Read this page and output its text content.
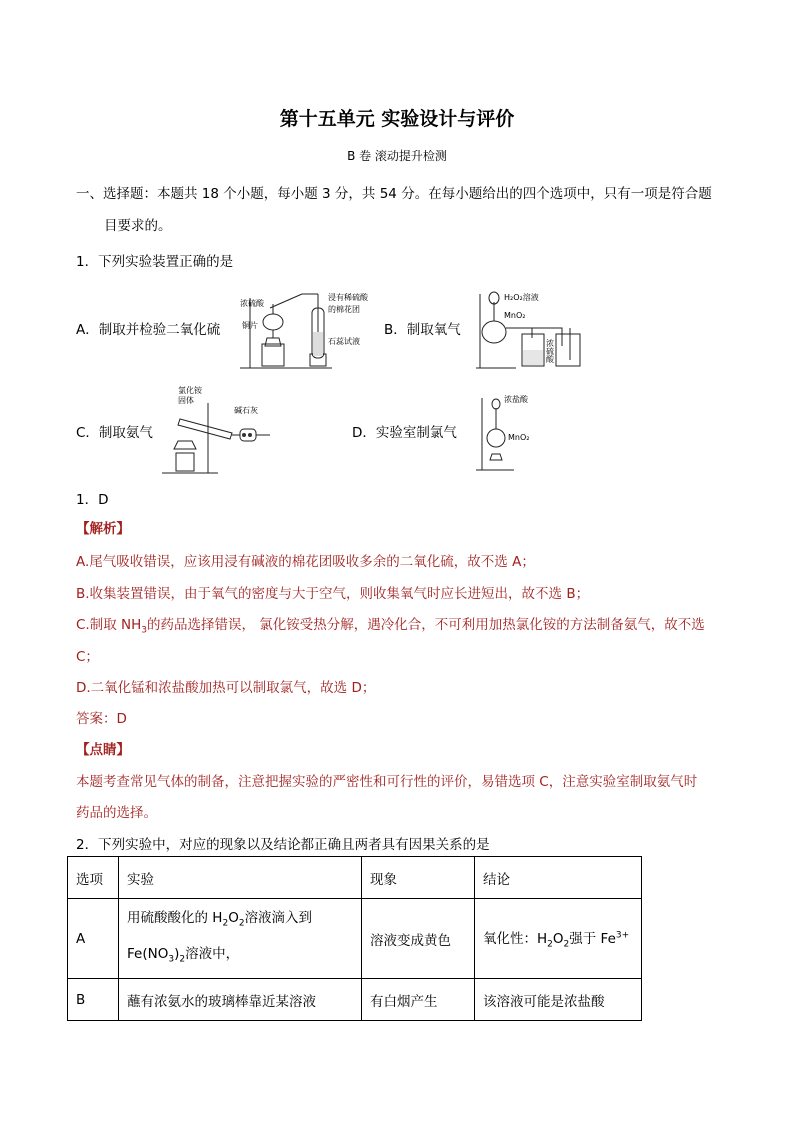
第十五单元 实验设计与评价
B 卷 滚动提升检测
一、选择题：本题共 18 个小题，每小题 3 分，共 54 分。在每小题给出的四个选项中，只有一项是符合题
目要求的。
1．下列实验装置正确的是
A．制取并检验二氧化硫
浓硫酸
铜片
浸有稀硫酸
的棉花团
石蕊试液
B．制取氧气
H₂O₂溶液
MnO₂
浓
硫
酸
C．制取氨气
氯化铵
固体
碱石灰
D．实验室制氯气
浓盐酸
MnO₂
1．D
【解析】
A.尾气吸收错误，应该用浸有碱液的棉花团吸收多余的二氧化硫，故不选 A；
B.收集装置错误，由于氧气的密度与大于空气，则收集氧气时应长进短出，故不选 B；
C.制取 $NH_3$的药品选择错误， 氯化铵受热分解，遇冷化合，不可利用加热氯化铵的方法制备氨气，故不选
C；
D.二氧化锰和浓盐酸加热可以制取氯气，故选 D；
答案：D
【点睛】
本题考查常见气体的制备，注意把握实验的严密性和可行性的评价，易错选项 C，注意实验室制取氨气时
药品的选择。
2．下列实验中，对应的现象以及结论都正确且两者具有因果关系的是
选项	实验	现象	结论
A	用硫酸酸化的 $H_2O_2$溶液滴入到
$Fe(NO_3)_2$溶液中，	溶液变成黄色	氧化性：$H_2O_2$强于 $Fe^{3+}$
B	蘸有浓氨水的玻璃棒靠近某溶液	有白烟产生	该溶液可能是浓盐酸
